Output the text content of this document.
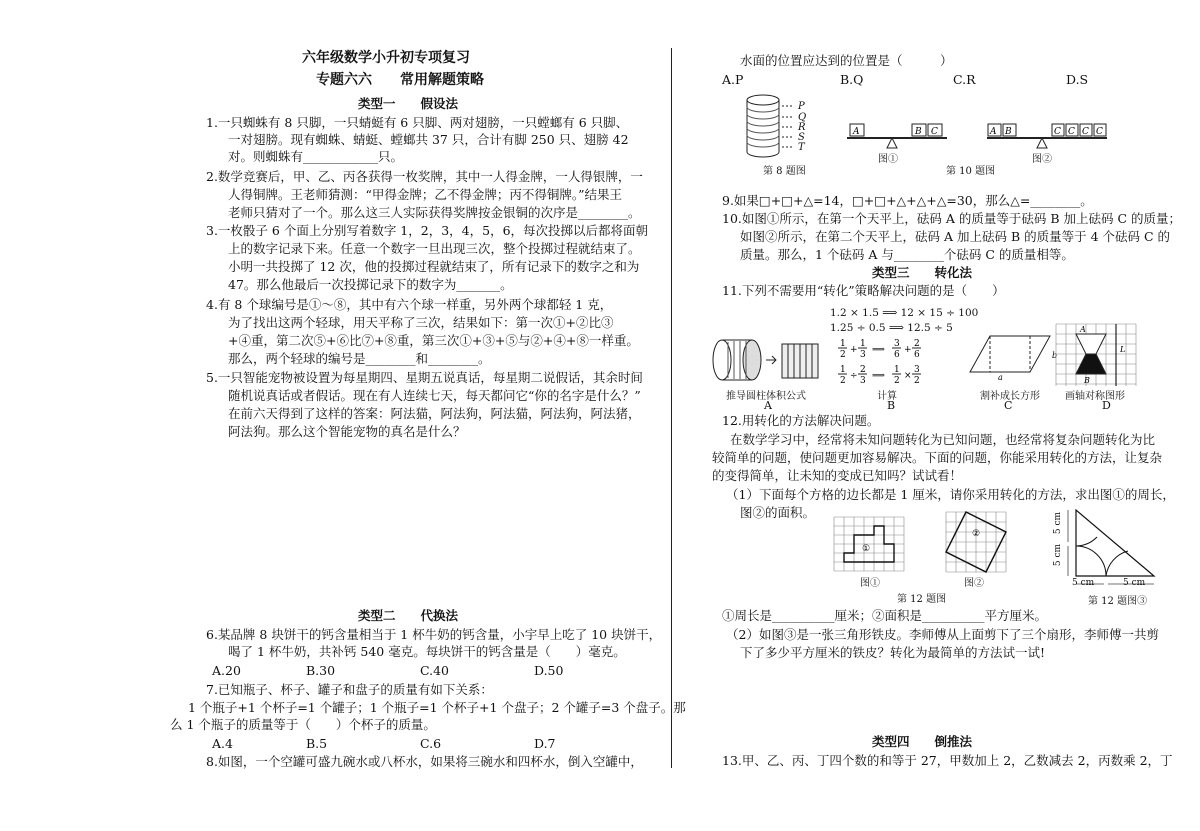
六年级数学小升初专项复习
专题六六　　常用解题策略
类型一　　假设法
1.一只蜘蛛有 8 只脚，一只蜻蜓有 6 只脚、两对翅膀，一只螳螂有 6 只脚、
一对翅膀。现有蜘蛛、蜻蜓、螳螂共 37 只，合计有脚 250 只、翅膀 42
对。则蜘蛛有____________只。
2.数学竞赛后，甲、乙、丙各获得一枚奖牌，其中一人得金牌，一人得银牌，一
人得铜牌。王老师猜测：“甲得金牌；乙不得金牌；丙不得铜牌。”结果王
老师只猜对了一个。那么这三人实际获得奖牌按金银铜的次序是________。
3.一枚骰子 6 个面上分别写着数字 1，2，3，4，5，6，每次投掷以后都将面朝
上的数字记录下来。任意一个数字一旦出现三次，整个投掷过程就结束了。
小明一共投掷了 12 次，他的投掷过程就结束了，所有记录下的数字之和为
47。那么他最后一次投掷记录下的数字为_______。
4.有 8 个球编号是①～⑧，其中有六个球一样重，另外两个球都轻 1 克，
为了找出这两个轻球，用天平称了三次，结果如下：第一次①+②比③
+④重，第二次⑤+⑥比⑦+⑧重，第三次①+③+⑤与②+④+⑧一样重。
那么，两个轻球的编号是________和________。
5.一只智能宠物被设置为每星期四、星期五说真话，每星期二说假话，其余时间
随机说真话或者假话。现在有人连续七天，每天都问它“你的名字是什么？”
在前六天得到了这样的答案：阿法猫，阿法狗，阿法猫，阿法狗，阿法猪，
阿法狗。那么这个智能宠物的真名是什么？
类型二　　代换法
6.某品牌 8 块饼干的钙含量相当于 1 杯牛奶的钙含量，小宇早上吃了 10 块饼干，
喝了 1 杯牛奶，共补钙 540 毫克。每块饼干的钙含量是（　　）毫克。
A.20	B.30	C.40	D.50
7.已知瓶子、杯子、罐子和盘子的质量有如下关系：
1 个瓶子+1 个杯子=1 个罐子；1 个瓶子=1 个杯子+1 个盘子；2 个罐子=3 个盘子。那
么 1 个瓶子的质量等于（　　）个杯子的质量。
A.4	B.5	C.6	D.7
8.如图，一个空罐可盛九碗水或八杯水，如果将三碗水和四杯水，倒入空罐中，
水面的位置应达到的位置是（　　　）
A.P	B.Q	C.R	D.S
P
Q
R
S
T
第 8 题图
A	B C	A B	C C C C
图①	图②
第 10 题图
9.如果□+□+△=14，□+□+△+△+△=30，那么△=________。
10.如图①所示，在第一个天平上，砝码 A 的质量等于砝码 B 加上砝码 C 的质量；
如图②所示，在第二个天平上，砝码 A 加上砝码 B 的质量等于 4 个砝码 C 的
质量。那么，1 个砝码 A 与________个砝码 C 的质量相等。
类型三　　转化法
11.下列不需要用“转化”策略解决问题的是（　　）
1.2 × 1.5 ⟹ 12 × 15 ÷ 100
1.25 ÷ 0.5 ⟹ 12.5 ÷ 5
1
2 +
1
3 ⟹
3
6 +
2
6
1
2 ÷
2
3 ⟹
1
2 ×
3
2	a
b
A
B
L
推导圆柱体积公式	计算	割补成长方形	画轴对称图形
A	B	C	D
12.用转化的方法解决问题。
在数学学习中，经常将未知问题转化为已知问题，也经常将复杂问题转化为比
较简单的问题，使问题更加容易解决。下面的问题，你能采用转化的方法，让复杂
的变得简单，让未知的变成已知吗？试试看！
（1）下面每个方格的边长都是 1 厘米，请你采用转化的方法，求出图①的周长，
图②的面积。
①
图①
②
图②
第 12 题图
5 cm
5 cm
5 cm	5 cm
第 12 题图③
①周长是__________厘米；②面积是__________平方厘米。
（2）如图③是一张三角形铁皮。李师傅从上面剪下了三个扇形，李师傅一共剪
下了多少平方厘米的铁皮？转化为最简单的方法试一试!
类型四　　倒推法
13.甲、乙、丙、丁四个数的和等于 27，甲数加上 2，乙数减去 2，丙数乘 2，丁
